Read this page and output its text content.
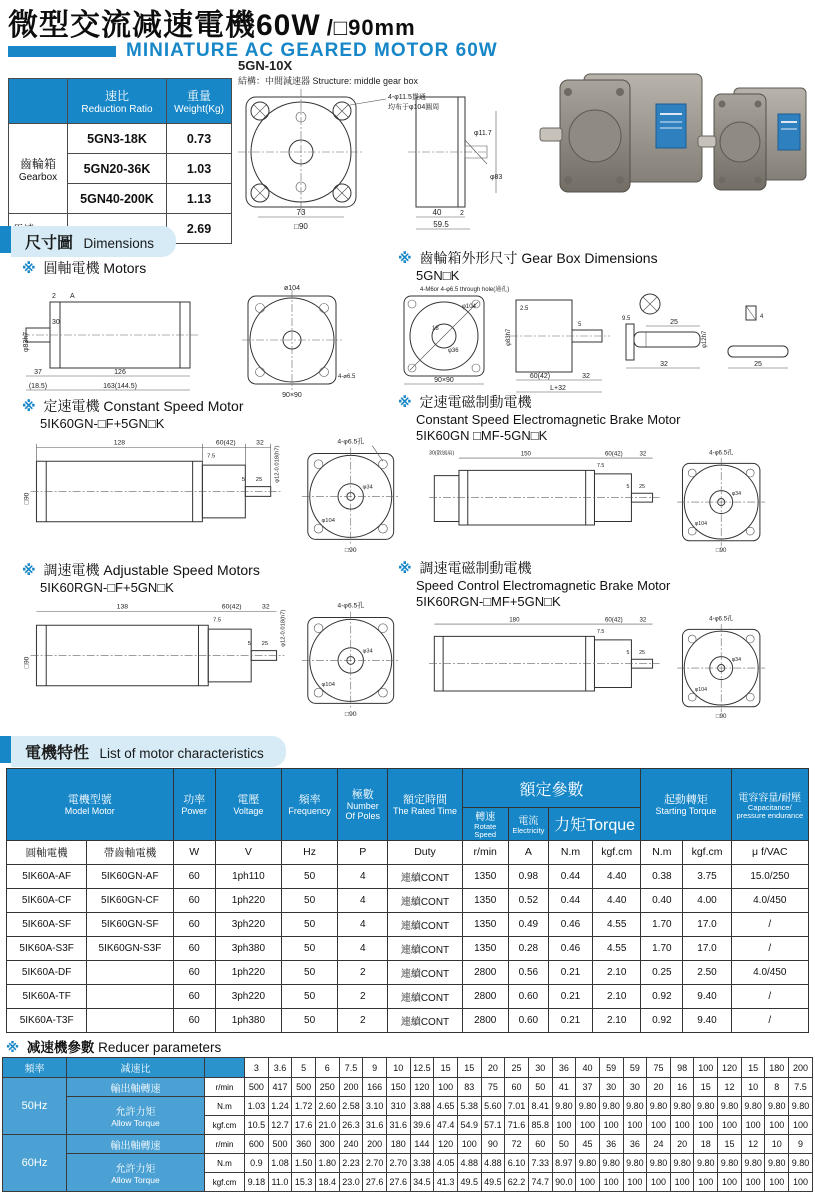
微型交流减速電機60W /□90mm
MINIATURE AC GEARED MOTOR 60W

	速比
Reduction Ratio	重量
Weight(Kg)

齒輪箱
Gearbox	5GN3-18K	0.73
	5GN20-36K	1.03
	5GN40-200K	1.13
		2.69
5GN-10X
結構：中間減速器 Structure: middle gear box
73
□90
4-φ11.5貫通
均布于φ104圓周
φ11.7
φ83
40	2
59.5
尺寸圖 Dimensions
※ 圓軸電機 Motors
φ83h7
30
2 A
37	126
(18.5)	163(144.5)
ø104
90×90
4-⌀6.5
※ 齒輪箱外形尺寸 Gear Box Dimensions
5GN□K
4-M6or 4-φ6.5 through hole(通孔)
φ104
18
φ36
90×90
2.5
φ83h7
5
60(42)	32
L+32
9.5	25
32
φ12h7
4
25
※ 定速電機 Constant Speed Motor
5IK60GN-□F+5GN□K
□90
128
7.5
60(42)	32
25
5	φ12-0.018(h7)
4-φ6.5孔
φ104
φ34
□90
※ 定速電磁制動電機
Constant Speed Electromagnetic Brake Motor
5IK60GN □MF-5GN□K
30(散風扇)	150
7.5
60(42) 32
25
5
4-φ6.5孔
φ104
φ34
□90
※ 調速電機 Adjustable Speed Motors
5IK60RGN-□F+5GN□K
□90
138
7.5
60(42)	32
25
5	φ12-0.018(h7)
4-φ6.5孔
φ104
φ34
□90
※ 調速電磁制動電機
Speed Control Electromagnetic Brake Motor
5IK60RGN-□MF+5GN□K
180
7.5
60(42) 32
25
5
4-φ6.5孔
φ104
φ34
□90
電機特性 List of motor characteristics
電機型號
Model Motor		功率
Power	電壓
Voltage	頻率
Frequency	極數
Number
Of Poles	額定時間
The Rated Time	額定參數				起動轉矩
Starting Torque		電容容量/耐壓
Capacitance/
pressure endurance

							轉速
Rotate Speed	電流
Electricity	力矩Torque				
圓軸電機	帶齒軸電機	W	V	Hz	P	Duty	r/min	A	N.m	kgf.cm	N.m	kgf.cm	μ f/VAC
5IK60A-AF	5IK60GN-AF	60	1ph110	50	4	連續CONT	1350	0.98	0.44	4.40	0.38	3.75	15.0/250
5IK60A-CF	5IK60GN-CF	60	1ph220	50	4	連續CONT	1350	0.52	0.44	4.40	0.40	4.00	4.0/450
5IK60A-SF	5IK60GN-SF	60	3ph220	50	4	連續CONT	1350	0.49	0.46	4.55	1.70	17.0	/
5IK60A-S3F	5IK60GN-S3F	60	3ph380	50	4	連續CONT	1350	0.28	0.46	4.55	1.70	17.0	/
5IK60A-DF		60	1ph220	50	2	連續CONT	2800	0.56	0.21	2.10	0.25	2.50	4.0/450
5IK60A-TF		60	3ph220	50	2	連續CONT	2800	0.60	0.21	2.10	0.92	9.40	/
5IK60A-T3F		60	1ph380	50	2	連續CONT	2800	0.60	0.21	2.10	0.92	9.40	/
※ 减速機參數 Reducer parameters
頻率	减速比		3	3.6	5	6	7.5	9	10	12.5	15	15	20	25	30	36	40	59	59	75	98	100	120	15	180	200
50Hz	輸出軸轉速	r/min	500	417	500	250	200	166	150	120	100	83	75	60	50	41	37	30	30	20	16	15	12	10	8	7.5
	允許力矩
Allow Torque	N.m	1.03	1.24	1.72	2.60	2.58	3.10	310	3.88	4.65	5.38	5.60	7.01	8.41	9.80	9.80	9.80	9.80	9.80	9.80	9.80	9.80	9.80	9.80	9.80
		kgf.cm	10.5	12.7	17.6	21.0	26.3	31.6	31.6	39.6	47.4	54.9	57.1	71.6	85.8	100	100	100	100	100	100	100	100	100	100	100
60Hz	輸出軸轉速	r/min	600	500	360	300	240	200	180	144	120	100	90	72	60	50	45	36	36	24	20	18	15	12	10	9
	允許力矩
Allow Torque	N.m	0.9	1.08	1.50	1.80	2.23	2.70	2.70	3.38	4.05	4.88	4.88	6.10	7.33	8.97	9.80	9.80	9.80	9.80	9.80	9.80	9.80	9.80	9.80	9.80
		kgf.cm	9.18	11.0	15.3	18.4	23.0	27.6	27.6	34.5	41.3	49.5	49.5	62.2	74.7	90.0	100	100	100	100	100	100	100	100	100	100
